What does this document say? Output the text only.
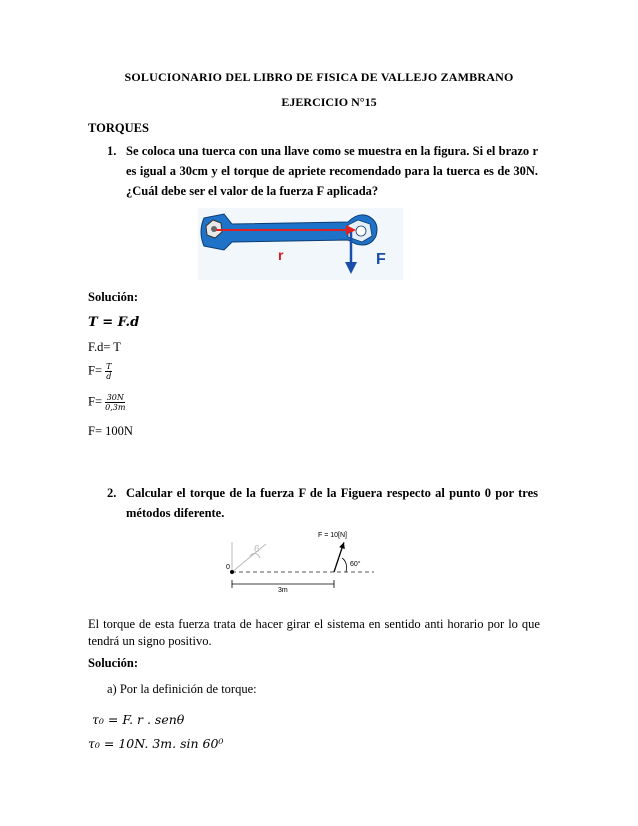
SOLUCIONARIO DEL LIBRO DE FISICA DE VALLEJO ZAMBRANO
EJERCICIO N°15
TORQUES
1. Se coloca una tuerca con una llave como se muestra en la figura. Si el brazo r es igual a 30cm y el torque de apriete recomendado para la tuerca es de 30N. ¿Cuál debe ser el valor de la fuerza F aplicada?
r	F
Solución:
T = F.d
F.d= T
$F= \frac{T}{d}$
$F= \frac{30N}{0,3m}$
F= 100N
2. Calcular el torque de la fuerza F de la Figuera respecto al punto 0 por tres métodos diferente.
6
0	60°
F = 10[N]
3m
El torque de esta fuerza trata de hacer girar el sistema en sentido anti horario por lo que tendrá un signo positivo.
Solución:
a) Por la definición de torque:
τ₀ = F. r . senθ
τ₀ = 10N. 3m. sin 60⁰
